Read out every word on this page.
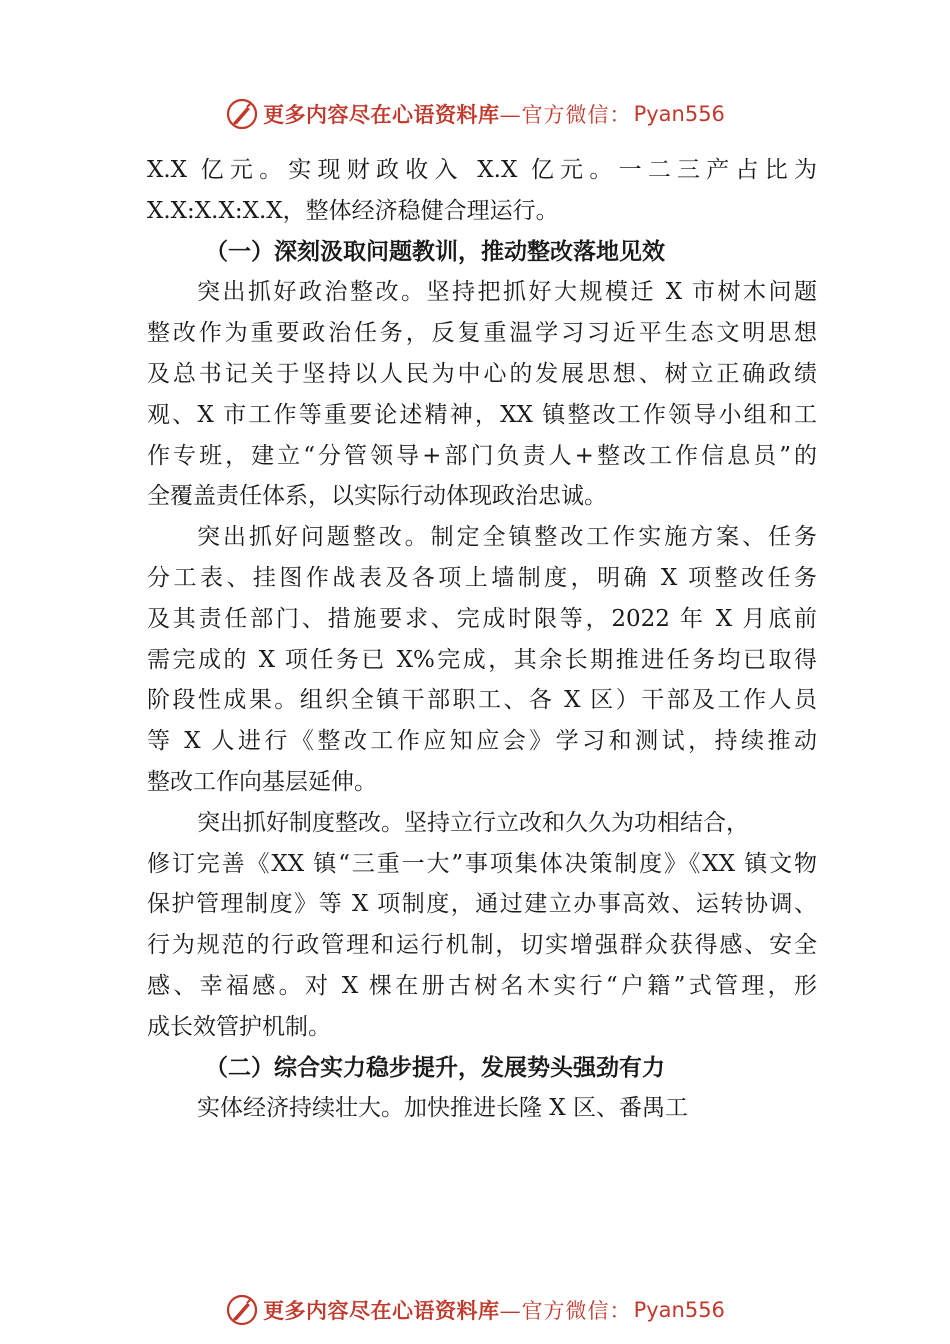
更多内容尽在心语资料库 —官方微信： Pyan556
X.X 亿元。实现财政收入 X.X 亿元。一二三产占比为
X.X:X.X:X.X，整体经济稳健合理运行。
（一）深刻汲取问题教训，推动整改落地见效
突出抓好政治整改。坚持把抓好大规模迁 X 市树木问题
整改作为重要政治任务，反复重温学习习近平生态文明思想
及总书记关于坚持以人民为中心的发展思想、树立正确政绩
观、X 市工作等重要论述精神，XX 镇整改工作领导小组和工
作专班，建立“分管领导+部门负责人+整改工作信息员”的
全覆盖责任体系，以实际行动体现政治忠诚。
突出抓好问题整改。制定全镇整改工作实施方案、任务
分工表、挂图作战表及各项上墙制度，明确 X 项整改任务
及其责任部门、措施要求、完成时限等，2022 年 X 月底前
需完成的 X 项任务已 X%完成，其余长期推进任务均已取得
阶段性成果。组织全镇干部职工、各 X 区）干部及工作人员
等 X 人进行《整改工作应知应会》学习和测试，持续推动
整改工作向基层延伸。
突出抓好制度整改。坚持立行立改和久久为功相结合，
修订完善《XX 镇“三重一大”事项集体决策制度》《XX 镇文物
保护管理制度》等 X 项制度，通过建立办事高效、运转协调、
行为规范的行政管理和运行机制，切实增强群众获得感、安全
感、幸福感。对 X 棵在册古树名木实行“户籍”式管理，形
成长效管护机制。
（二）综合实力稳步提升，发展势头强劲有力
实体经济持续壮大。加快推进长隆 X 区、番禺工
更多内容尽在心语资料库 —官方微信： Pyan556
